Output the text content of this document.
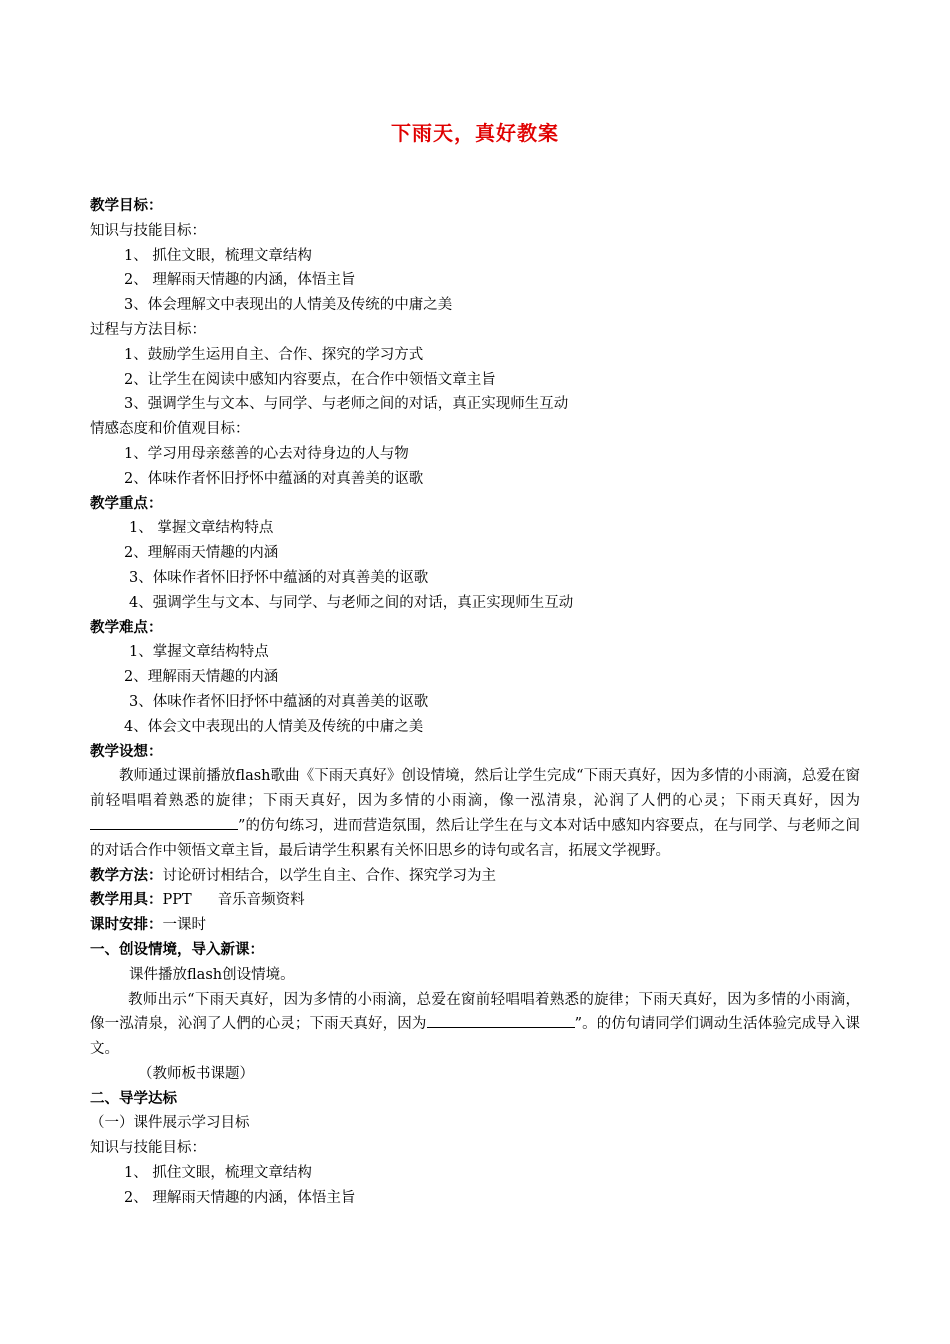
下雨天，真好教案
教学目标：
知识与技能目标：
1、 抓住文眼，梳理文章结构
2、 理解雨天情趣的内涵，体悟主旨
3、体会理解文中表现出的人情美及传统的中庸之美
过程与方法目标：
1、鼓励学生运用自主、合作、探究的学习方式
2、让学生在阅读中感知内容要点，在合作中领悟文章主旨
3、强调学生与文本、与同学、与老师之间的对话，真正实现师生互动
情感态度和价值观目标：
1、学习用母亲慈善的心去对待身边的人与物
2、体味作者怀旧抒怀中蕴涵的对真善美的讴歌
教学重点：
1、 掌握文章结构特点
2、理解雨天情趣的内涵
3、体味作者怀旧抒怀中蕴涵的对真善美的讴歌
4、强调学生与文本、与同学、与老师之间的对话，真正实现师生互动
教学难点：
1、掌握文章结构特点
2、理解雨天情趣的内涵
3、体味作者怀旧抒怀中蕴涵的对真善美的讴歌
4、体会文中表现出的人情美及传统的中庸之美
教学设想：
教师通过课前播放flash歌曲《下雨天真好》创设情境，然后让学生完成“下雨天真好，因为多情的小雨滴，总爱在窗前轻唱唱着熟悉的旋律；下雨天真好，因为多情的小雨滴，像一泓清泉，沁润了人們的心灵；下雨天真好，因为”的仿句练习，进而营造氛围，然后让学生在与文本对话中感知内容要点，在与同学、与老师之间的对话合作中领悟文章主旨，最后请学生积累有关怀旧思乡的诗句或名言，拓展文学视野。
教学方法：讨论研讨相结合，以学生自主、合作、探究学习为主
教学用具：PPT 音乐音频资料
课时安排：一课时
一、创设情境，导入新课：
课件播放flash创设情境。
教师出示“下雨天真好，因为多情的小雨滴，总爱在窗前轻唱唱着熟悉的旋律；下雨天真好，因为多情的小雨滴，像一泓清泉，沁润了人們的心灵；下雨天真好，因为	”。的仿句请同学们调动生活体验完成导入课文。
（教师板书课题）
二、导学达标
（一）课件展示学习目标
知识与技能目标：
1、 抓住文眼，梳理文章结构
2、 理解雨天情趣的内涵，体悟主旨
